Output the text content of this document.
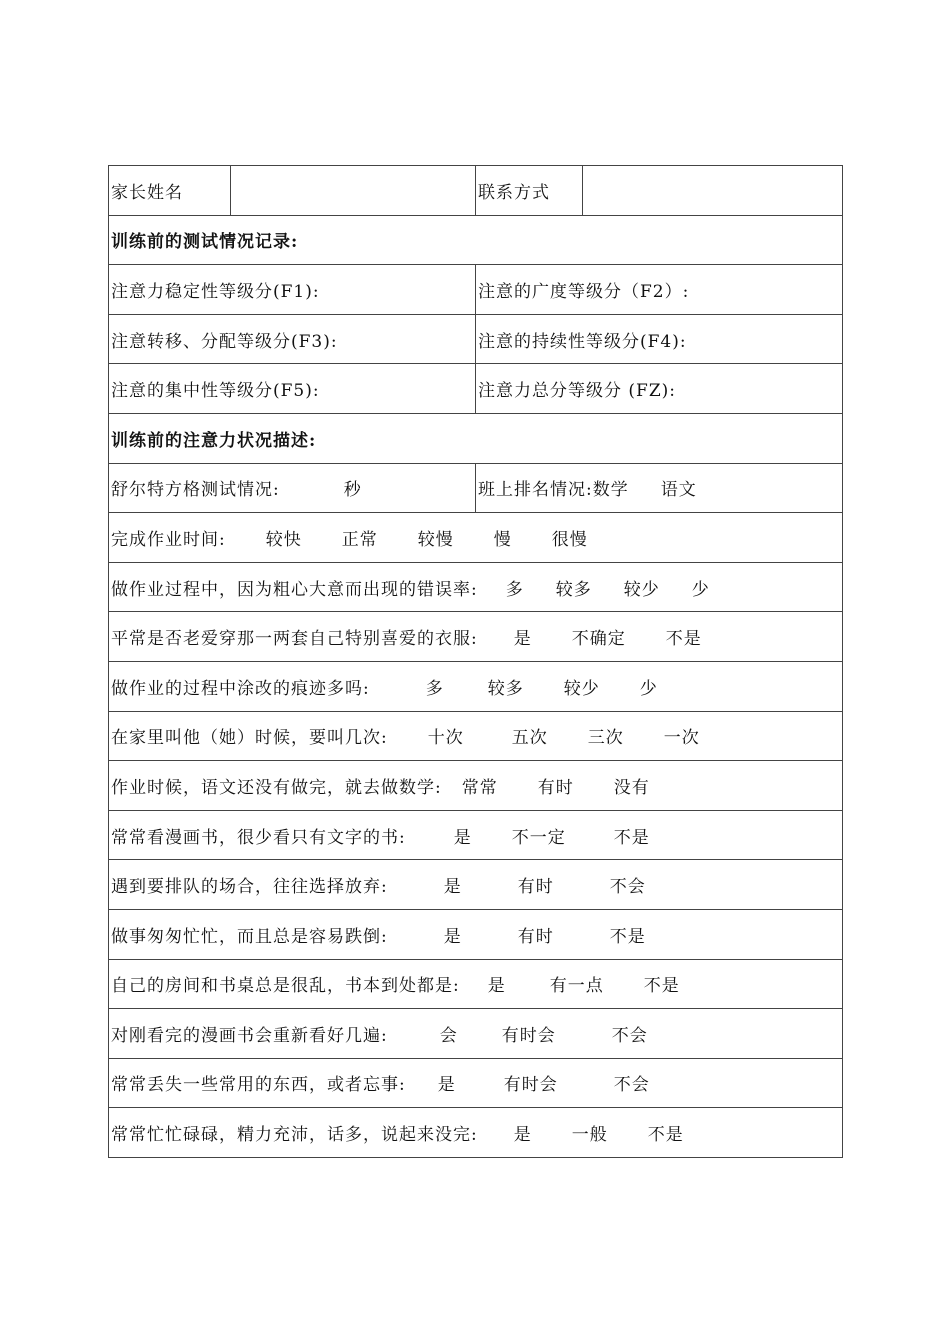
家长姓名		联系方式	
训练前的测试情况记录:			
注意力稳定性等级分(F1):		注意的广度等级分（F2）:	
注意转移、分配等级分(F3):		注意的持续性等级分(F4):	
注意的集中性等级分(F5):		注意力总分等级分 (FZ):	
训练前的注意力状况描述:			
舒尔特方格测试情况: 秒		班上排名情况:数学 语文	
完成作业时间: 较快 正常 较慢 慢 很慢			
做作业过程中，因为粗心大意而出现的错误率: 多 较多 较少 少			
平常是否老爱穿那一两套自己特别喜爱的衣服: 是 不确定 不是			
做作业的过程中涂改的痕迹多吗: 多 较多 较少 少			
在家里叫他（她）时候，要叫几次: 十次 五次 三次 一次			
作业时候，语文还没有做完，就去做数学: 常常 有时 没有			
常常看漫画书，很少看只有文字的书: 是 不一定 不是			
遇到要排队的场合，往往选择放弃: 是 有时 不会			
做事匆匆忙忙，而且总是容易跌倒: 是 有时 不是			
自己的房间和书桌总是很乱，书本到处都是: 是 有一点 不是			
对刚看完的漫画书会重新看好几遍: 会 有时会 不会			
常常丢失一些常用的东西，或者忘事: 是 有时会 不会			
常常忙忙碌碌，精力充沛，话多，说起来没完: 是 一般 不是			
